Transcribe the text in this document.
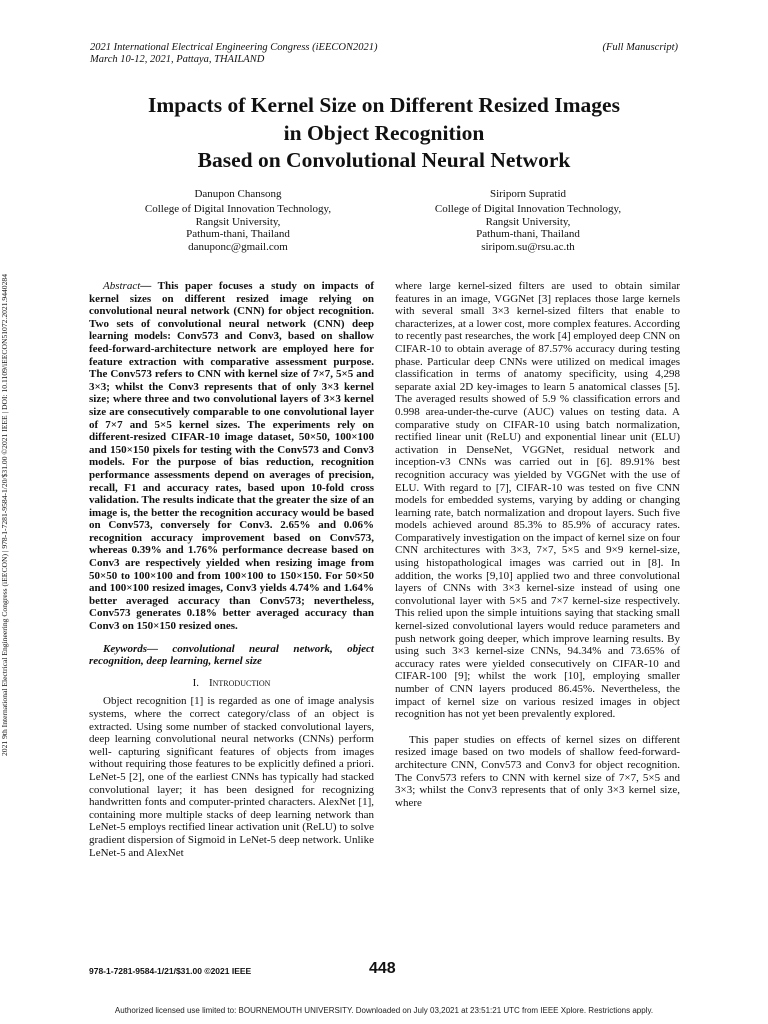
2021 International Electrical Engineering Congress (iEECON2021)
March 10-12, 2021, Pattaya, THAILAND
(Full Manuscript)
Impacts of Kernel Size on Different Resized Images
in Object Recognition
Based on Convolutional Neural Network
Danupon Chansong
College of Digital Innovation Technology,
Rangsit University,
Pathum-thani, Thailand
danuponc@gmail.com
Siriporn Supratid
College of Digital Innovation Technology,
Rangsit University,
Pathum-thani, Thailand
siripom.su@rsu.ac.th
2021 9th International Electrical Engineering Congress (iEECON) | 978-1-7281-9584-1/20/$31.00 ©2021 IEEE | DOI: 10.1109/iEECON51072.2021.9440284	Abstract— This paper focuses a study on impacts of kernel sizes on different resized image relying on convolutional neural network (CNN) for object recognition. Two sets of convolutional neural network (CNN) deep learning models: Conv573 and Conv3, based on shallow feed-forward-architecture network are employed here for feature extraction with comparative assessment purpose. The Conv573 refers to CNN with kernel size of 7×7, 5×5 and 3×3; whilst the Conv3 represents that of only 3×3 kernel size; where three and two convolutional layers of 3×3 kernel size are consecutively comparable to one convolutional layer of 7×7 and 5×5 kernel sizes. The experiments rely on different-resized CIFAR-10 image dataset, 50×50, 100×100 and 150×150 pixels for testing with the Conv573 and Conv3 models. For the purpose of bias reduction, recognition performance assessments depend on averages of precision, recall, F1 and accuracy rates, based upon 10-fold cross validation. The results indicate that the greater the size of an image is, the better the recognition accuracy would be based on Conv573, conversely for Conv3. 2.65% and 0.06% recognition accuracy improvement based on Conv573, whereas 0.39% and 1.76% performance decrease based on Conv3 are respectively yielded when resizing image from 50×50 to 100×100 and from 100×100 to 150×150. For 50×50 and 100×100 resized images, Conv3 yields 4.74% and 1.64% better averaged accuracy than Conv573; nevertheless, Conv573 generates 0.18% better averaged accuracy than Conv3 on 150×150 resized ones.

Keywords— convolutional neural network, object recognition, deep learning, kernel size

I. Introduction

Object recognition [1] is regarded as one of image analysis systems, where the correct category/class of an object is extracted. Using some number of stacked convolutional layers, deep learning convolutional neural networks (CNNs) perform well- capturing significant features of objects from images without requiring those features to be explicitly defined a priori. LeNet-5 [2], one of the earliest CNNs has typically had stacked convolutional layer; it has been designed for recognizing handwritten fonts and computer-printed characters. AlexNet [1], containing more multiple stacks of deep learning network than LeNet-5 employs rectified linear activation unit (ReLU) to solve gradient dispersion of Sigmoid in LeNet-5 deep network. Unlike LeNet-5 and AlexNet

where large kernel-sized filters are used to obtain similar features in an image, VGGNet [3] replaces those large kernels with several small 3×3 kernel-sized filters that enable to characterizes, at a lower cost, more complex features. According to recently past researches, the work [4] employed deep CNN on CIFAR-10 to obtain average of 87.57% accuracy during testing phase. Particular deep CNNs were utilized on medical images classification in terms of anatomy specificity, using 4,298 separate axial 2D key-images to learn 5 anatomical classes [5]. The averaged results showed of 5.9 % classification errors and 0.998 area-under-the-curve (AUC) values on testing data. A comparative study on CIFAR-10 using batch normalization, rectified linear unit (ReLU) and exponential linear unit (ELU) activation in DenseNet, VGGNet, residual network and inception-v3 CNNs was carried out in [6]. 89.91% best recognition accuracy was yielded by VGGNet with the use of ELU. With regard to [7], CIFAR-10 was tested on five CNN models for embedded systems, varying by adding or changing learning rate, batch normalization and dropout layers. Such five models achieved around 85.3% to 85.9% of accuracy rates. Comparatively investigation on the impact of kernel size on four CNN architectures with 3×3, 7×7, 5×5 and 9×9 kernel-size, using histopathological images was carried out in [8]. In addition, the works [9,10] applied two and three convolutional layers of CNNs with 3×3 kernel-size instead of using one convolutional layer with 5×5 and 7×7 kernel-size respectively. This relied upon the simple intuitions saying that stacking small kernel-sized convolutional layers would reduce parameters and push network going deeper, which improve learning results. By using such 3×3 kernel-size CNNs, 94.34% and 73.65% of accuracy rates were yielded consecutively on CIFAR-10 and CIFAR-100 [9]; whilst the work [10], employing smaller number of CNN layers produced 86.45%. Nevertheless, the impact of kernel size on various resized images in object recognition has not yet been prevalently explored.

This paper studies on effects of kernel sizes on different resized image based on two models of shallow feed-forward-architecture CNN, Conv573 and Conv3 for object recognition. The Conv573 refers to CNN with kernel size of 7×7, 5×5 and 3×3; whilst the Conv3 represents that of only 3×3 kernel size, where

978-1-7281-9584-1/21/$31.00 ©2021 IEEE	448
Authorized licensed use limited to: BOURNEMOUTH UNIVERSITY. Downloaded on July 03,2021 at 23:51:21 UTC from IEEE Xplore. Restrictions apply.
